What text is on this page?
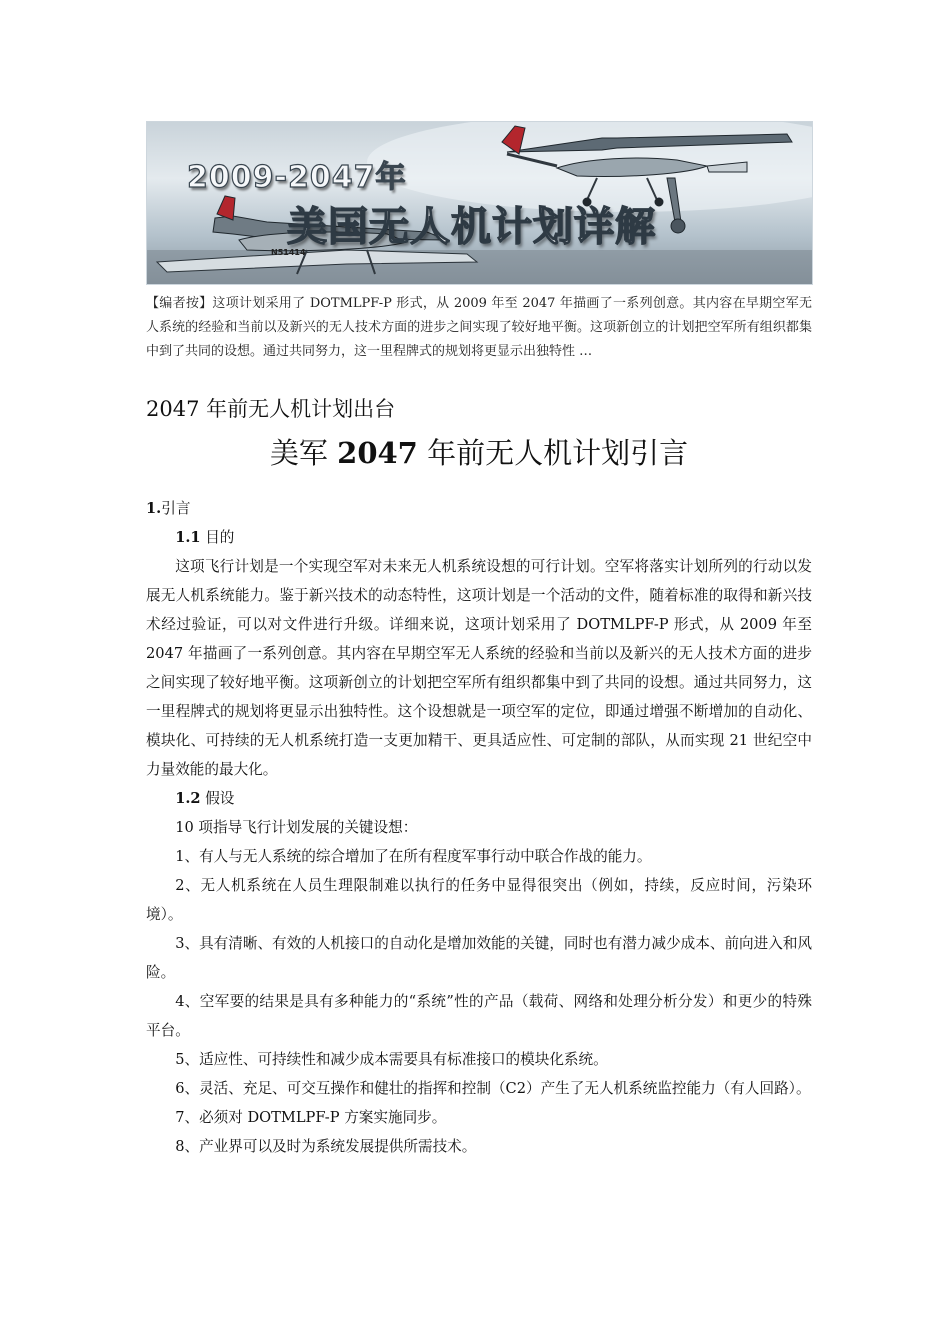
2009-2047年
美国无人机计划详解
N51414
【编者按】这项计划采用了 DOTMLPF-P 形式，从 2009 年至 2047 年描画了一系列创意。其内容在早期空军无人系统的经验和当前以及新兴的无人技术方面的进步之间实现了较好地平衡。这项新创立的计划把空军所有组织都集中到了共同的设想。通过共同努力，这一里程牌式的规划将更显示出独特性 …
2047 年前无人机计划出台
美军 2047 年前无人机计划引言

1.引言

1.1 目的

这项飞行计划是一个实现空军对未来无人机系统设想的可行计划。空军将落实计划所列的行动以发展无人机系统能力。鉴于新兴技术的动态特性，这项计划是一个活动的文件，随着标准的取得和新兴技术经过验证，可以对文件进行升级。详细来说，这项计划采用了 DOTMLPF-P 形式，从 2009 年至 2047 年描画了一系列创意。其内容在早期空军无人系统的经验和当前以及新兴的无人技术方面的进步之间实现了较好地平衡。这项新创立的计划把空军所有组织都集中到了共同的设想。通过共同努力，这一里程牌式的规划将更显示出独特性。这个设想就是一项空军的定位，即通过增强不断增加的自动化、模块化、可持续的无人机系统打造一支更加精干、更具适应性、可定制的部队，从而实现 21 世纪空中力量效能的最大化。

1.2 假设

10 项指导飞行计划发展的关键设想：

1、有人与无人系统的综合增加了在所有程度军事行动中联合作战的能力。

2、无人机系统在人员生理限制难以执行的任务中显得很突出（例如，持续，反应时间，污染环境）。

3、具有清晰、有效的人机接口的自动化是增加效能的关键，同时也有潜力减少成本、前向进入和风险。

4、空军要的结果是具有多种能力的“系统”性的产品（载荷、网络和处理分析分发）和更少的特殊平台。

5、适应性、可持续性和减少成本需要具有标准接口的模块化系统。

6、灵活、充足、可交互操作和健壮的指挥和控制（C2）产生了无人机系统监控能力（有人回路）。

7、必须对 DOTMLPF-P 方案实施同步。

8、产业界可以及时为系统发展提供所需技术。
